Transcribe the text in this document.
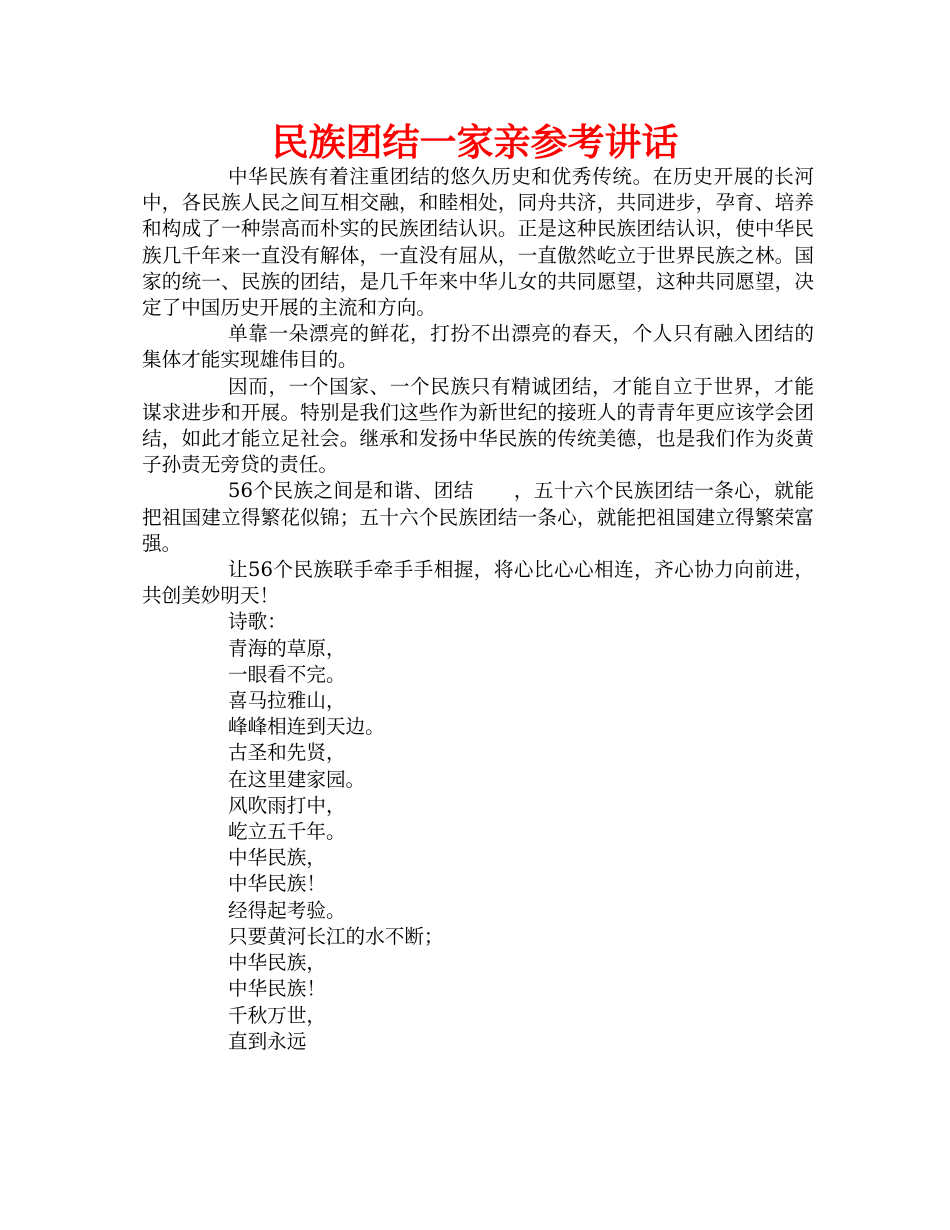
民族团结一家亲参考讲话

中华民族有着注重团结的悠久历史和优秀传统。在历史开展的长河中，各民族人民之间互相交融，和睦相处，同舟共济，共同进步，孕育、培养和构成了一种崇高而朴实的民族团结认识。正是这种民族团结认识，使中华民族几千年来一直没有解体，一直没有屈从，一直傲然屹立于世界民族之林。国家的统一、民族的团结，是几千年来中华儿女的共同愿望，这种共同愿望，决定了中国历史开展的主流和方向。

单靠一朵漂亮的鲜花，打扮不出漂亮的春天，个人只有融入团结的集体才能实现雄伟目的。

因而，一个国家、一个民族只有精诚团结，才能自立于世界，才能谋求进步和开展。特别是我们这些作为新世纪的接班人的青青年更应该学会团结，如此才能立足社会。继承和发扬中华民族的传统美德，也是我们作为炎黄子孙责无旁贷的责任。

56个民族之间是和谐、团结　　，五十六个民族团结一条心，就能把祖国建立得繁花似锦；五十六个民族团结一条心，就能把祖国建立得繁荣富强。

让56个民族联手牵手手相握，将心比心心相连，齐心协力向前进，共创美妙明天！

诗歌：

青海的草原，

一眼看不完。

喜马拉雅山，

峰峰相连到天边。

古圣和先贤，

在这里建家园。

风吹雨打中，

屹立五千年。

中华民族，

中华民族！

经得起考验。

只要黄河长江的水不断；

中华民族，

中华民族！

千秋万世，

直到永远
